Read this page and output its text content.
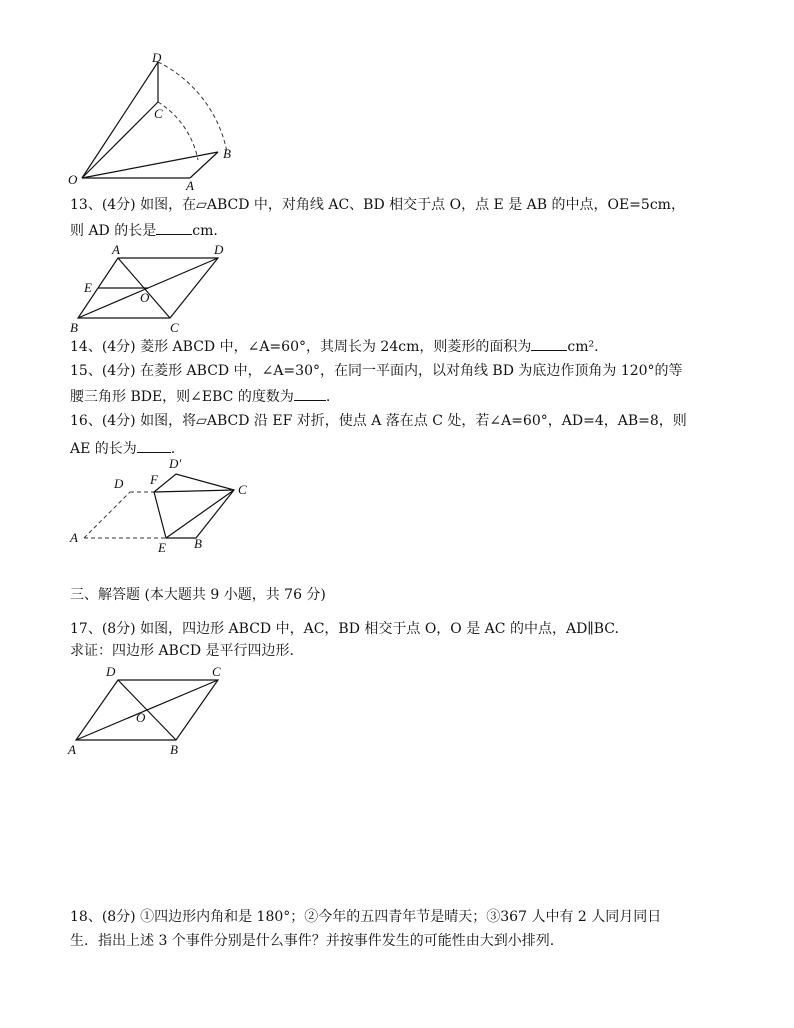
D
C
B
A
O
13、(4分) 如图，在▱ABCD 中，对角线 AC、BD 相交于点 O，点 E 是 AB 的中点，OE=5cm，
则 AD 的长是	cm.
A	D
E
O
B	C
14、(4分) 菱形 ABCD 中，∠A=60°，其周长为 24cm，则菱形的面积为	cm².
15、(4分) 在菱形 ABCD 中，∠A=30°，在同一平面内，以对角线 BD 为底边作顶角为 120°的等
腰三角形 BDE，则∠EBC 的度数为 .
16、(4分) 如图，将▱ABCD 沿 EF 对折，使点 A 落在点 C 处，若∠A=60°，AD=4，AB=8，则
AE 的长为 .
D′
D F
C
A
E B
三、解答题 (本大题共 9 小题，共 76 分)
17、(8分) 如图，四边形 ABCD 中，AC，BD 相交于点 O，O 是 AC 的中点，AD∥BC.
求证：四边形 ABCD 是平行四边形.
D	C
O
A	B
18、(8分) ①四边形内角和是 180°；②今年的五四青年节是晴天；③367 人中有 2 人同月同日
生．指出上述 3 个事件分别是什么事件？并按事件发生的可能性由大到小排列.
